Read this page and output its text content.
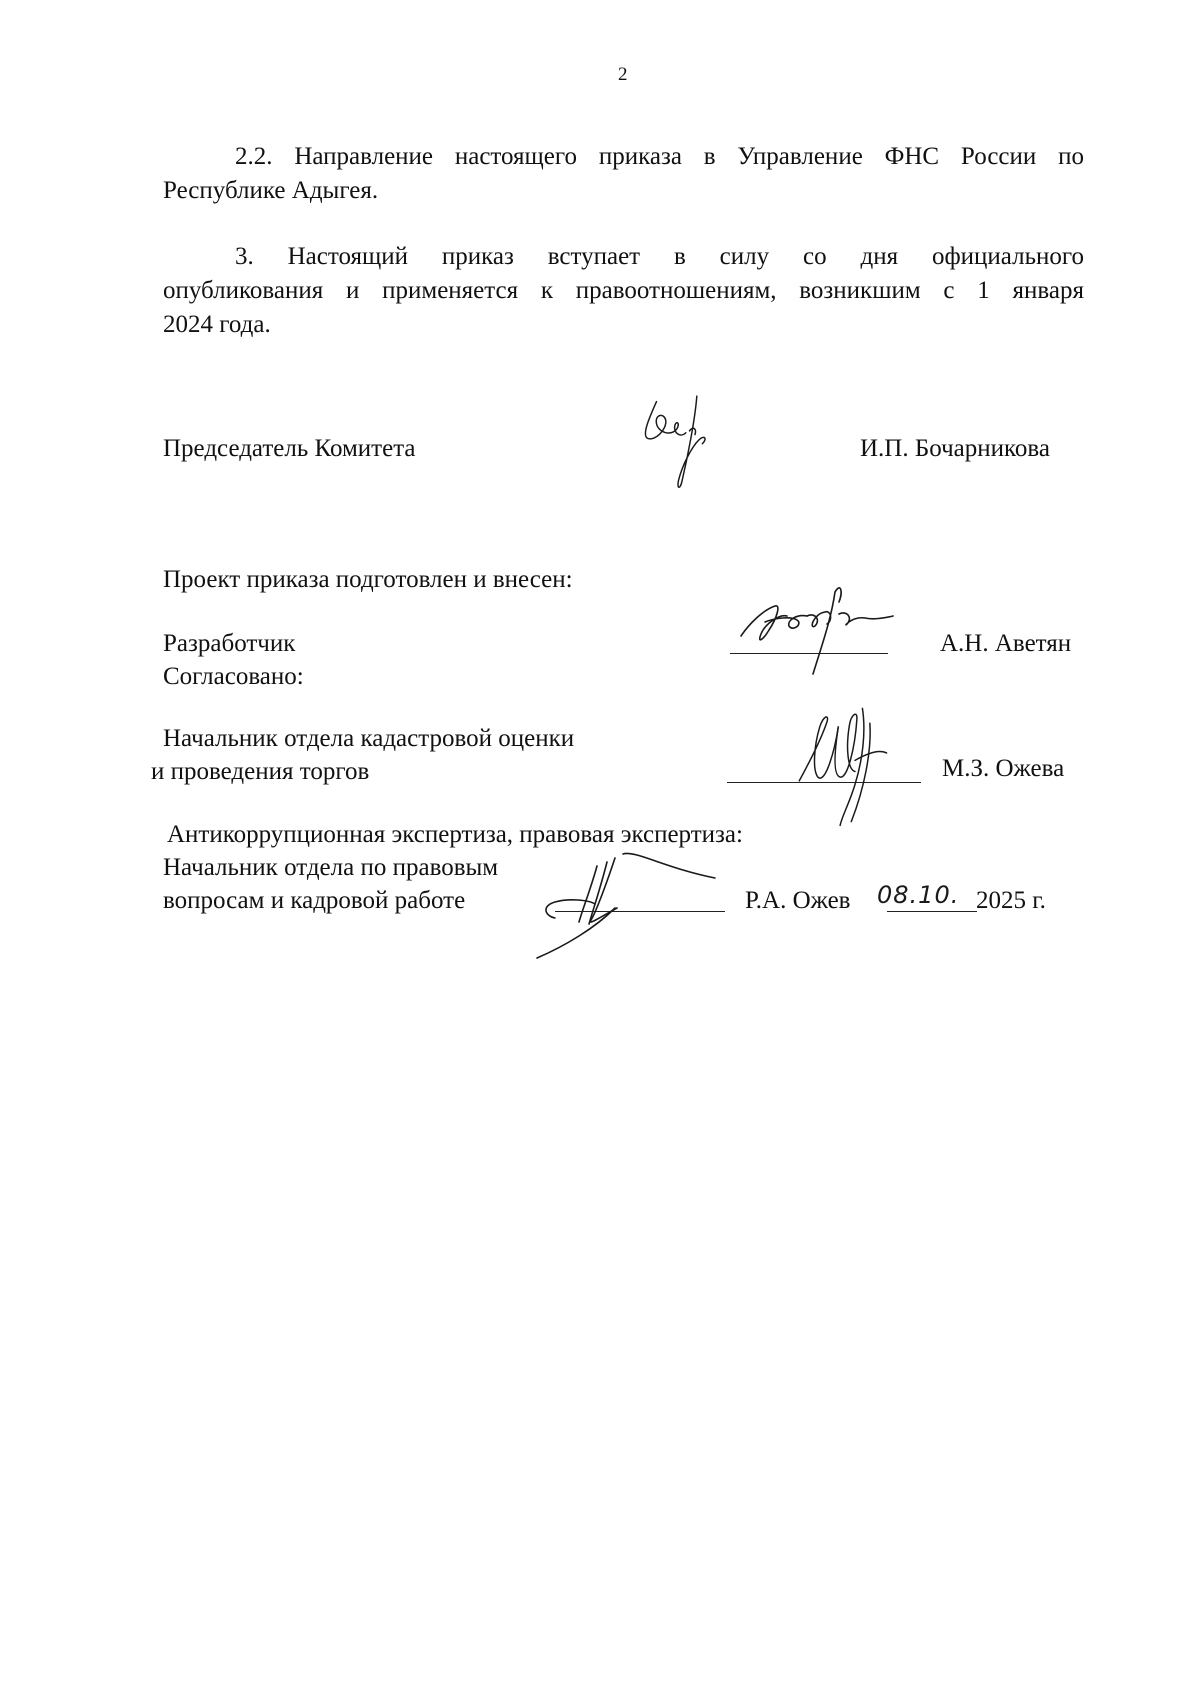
2
2.2. Направление настоящего приказа в Управление ФНС России по
Республике Адыгея.
3. Настоящий приказ вступает в силу со дня официального
опубликования и применяется к правоотношениям, возникшим с 1 января
2024 года.
Председатель Комитета	И.П. Бочарникова
Проект приказа подготовлен и внесен:
Разработчик	А.Н. Аветян
Согласовано:
Начальник отдела кадастровой оценки
и проведения торгов	М.З. Ожева
Антикоррупционная экспертиза, правовая экспертиза:
Начальник отдела по правовым
вопросам и кадровой работе	Р.А. Ожев 08.10. 2025 г.
